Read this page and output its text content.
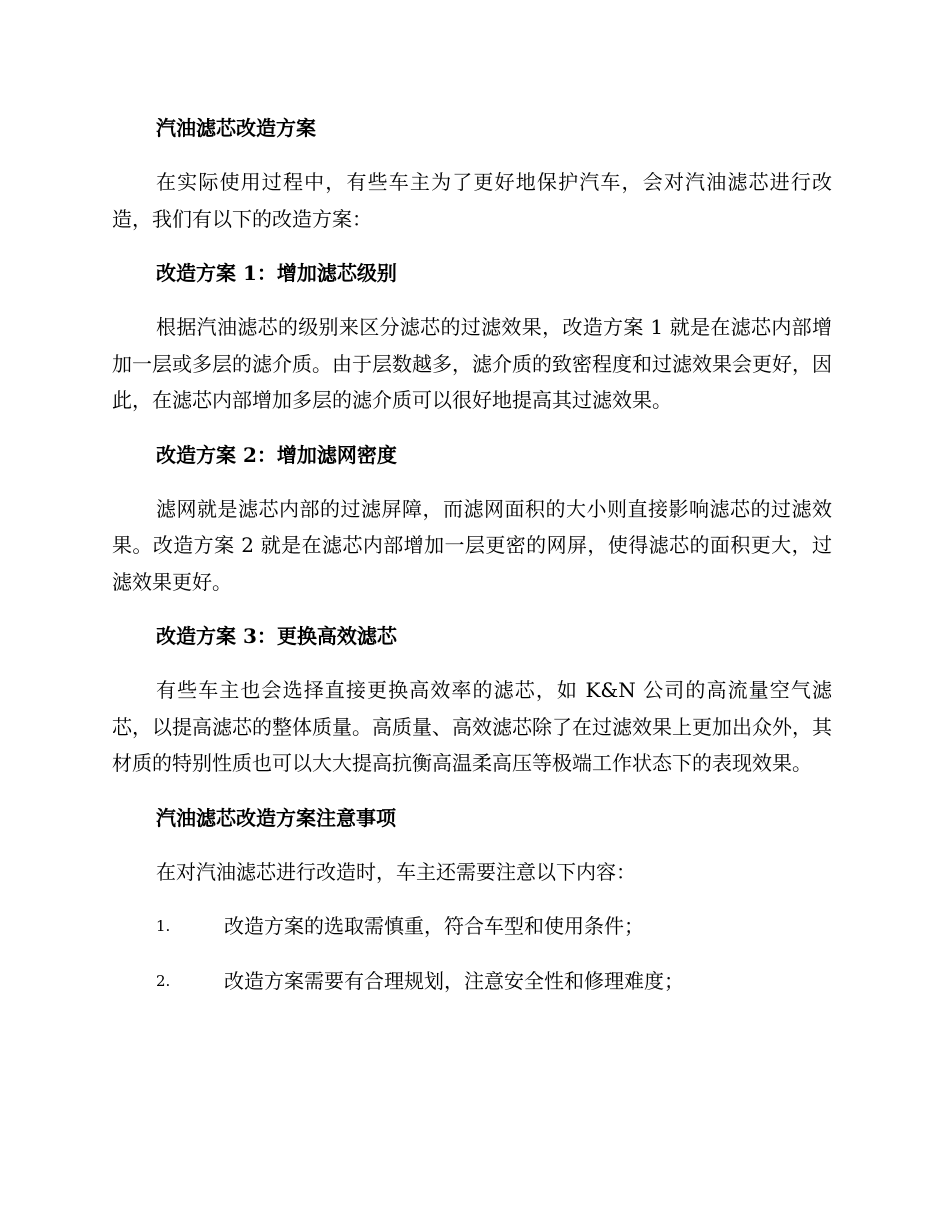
汽油滤芯改造方案
在实际使用过程中，有些车主为了更好地保护汽车，会对汽油滤芯进行改造，我们有以下的改造方案：
改造方案 1：增加滤芯级别
根据汽油滤芯的级别来区分滤芯的过滤效果，改造方案 1 就是在滤芯内部增加一层或多层的滤介质。由于层数越多，滤介质的致密程度和过滤效果会更好，因此，在滤芯内部增加多层的滤介质可以很好地提高其过滤效果。
改造方案 2：增加滤网密度
滤网就是滤芯内部的过滤屏障，而滤网面积的大小则直接影响滤芯的过滤效果。改造方案 2 就是在滤芯内部增加一层更密的网屏，使得滤芯的面积更大，过滤效果更好。
改造方案 3：更换高效滤芯
有些车主也会选择直接更换高效率的滤芯，如 K&N 公司的高流量空气滤芯，以提高滤芯的整体质量。高质量、高效滤芯除了在过滤效果上更加出众外，其材质的特别性质也可以大大提高抗衡高温柔高压等极端工作状态下的表现效果。
汽油滤芯改造方案注意事项
在对汽油滤芯进行改造时，车主还需要注意以下内容：
1.	改造方案的选取需慎重，符合车型和使用条件；
2.	改造方案需要有合理规划，注意安全性和修理难度；
